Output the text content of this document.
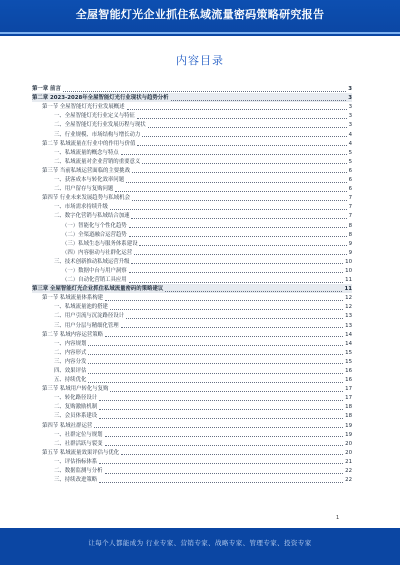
全屋智能灯光企业抓住私域流量密码策略研究报告
内容目录
第一章 前言	3
第二章 2023-2028年全屋智能灯光行业现状与趋势分析	3
第一节 全屋智能灯光行业发展概述	3
一、全屋智能灯光行业定义与特征	3
二、全屋智能灯光行业发展历程与现状	3
三、行业规模、市场结构与增长动力	4
第二节 私域流量在行业中的作用与价值	4
一、私域流量的概念与特点	5
二、私域流量对企业营销的重要意义	5
第三节 当前私域运营面临的主要挑战	6
一、获客成本与转化效率问题	6
二、用户留存与复购问题	6
第四节 行业未来发展趋势与私域机会	7
一、市场需求持续升级	7
二、数字化营销与私域结合加速	7
（一）智能化与个性化趋势	8
（二）全渠道融合运营趋势	8
（三）私域生态与服务体系建设	9
（四）内容驱动与社群化运营	9
三、技术创新推动私域运营升级	10
（一）数据中台与用户洞察	10
（二）自动化营销工具应用	11
第三章 全屋智能灯光企业抓住私域流量密码的策略建议	11
第一节 私域流量体系构建	12
一、私域流量池的搭建	12
二、用户引流与沉淀路径设计	13
三、用户分层与精细化管理	13
第二节 私域内容运营策略	14
一、内容规划	14
二、内容形式	15
三、内容分发	15
四、效果评估	16
五、持续优化	16
第三节 私域用户转化与复购	17
一、转化路径设计	17
二、复购激励机制	18
三、会员体系建设	18
第四节 私域社群运营	19
一、社群定位与规划	19
二、社群活跃与裂变	20
第五节 私域流量效果评估与优化	20
一、评估指标体系	21
二、数据监测与分析	22
三、持续改进策略	22
1
让每个人都能成为 行业专家、营销专家、战略专家、管理专家、投资专家
